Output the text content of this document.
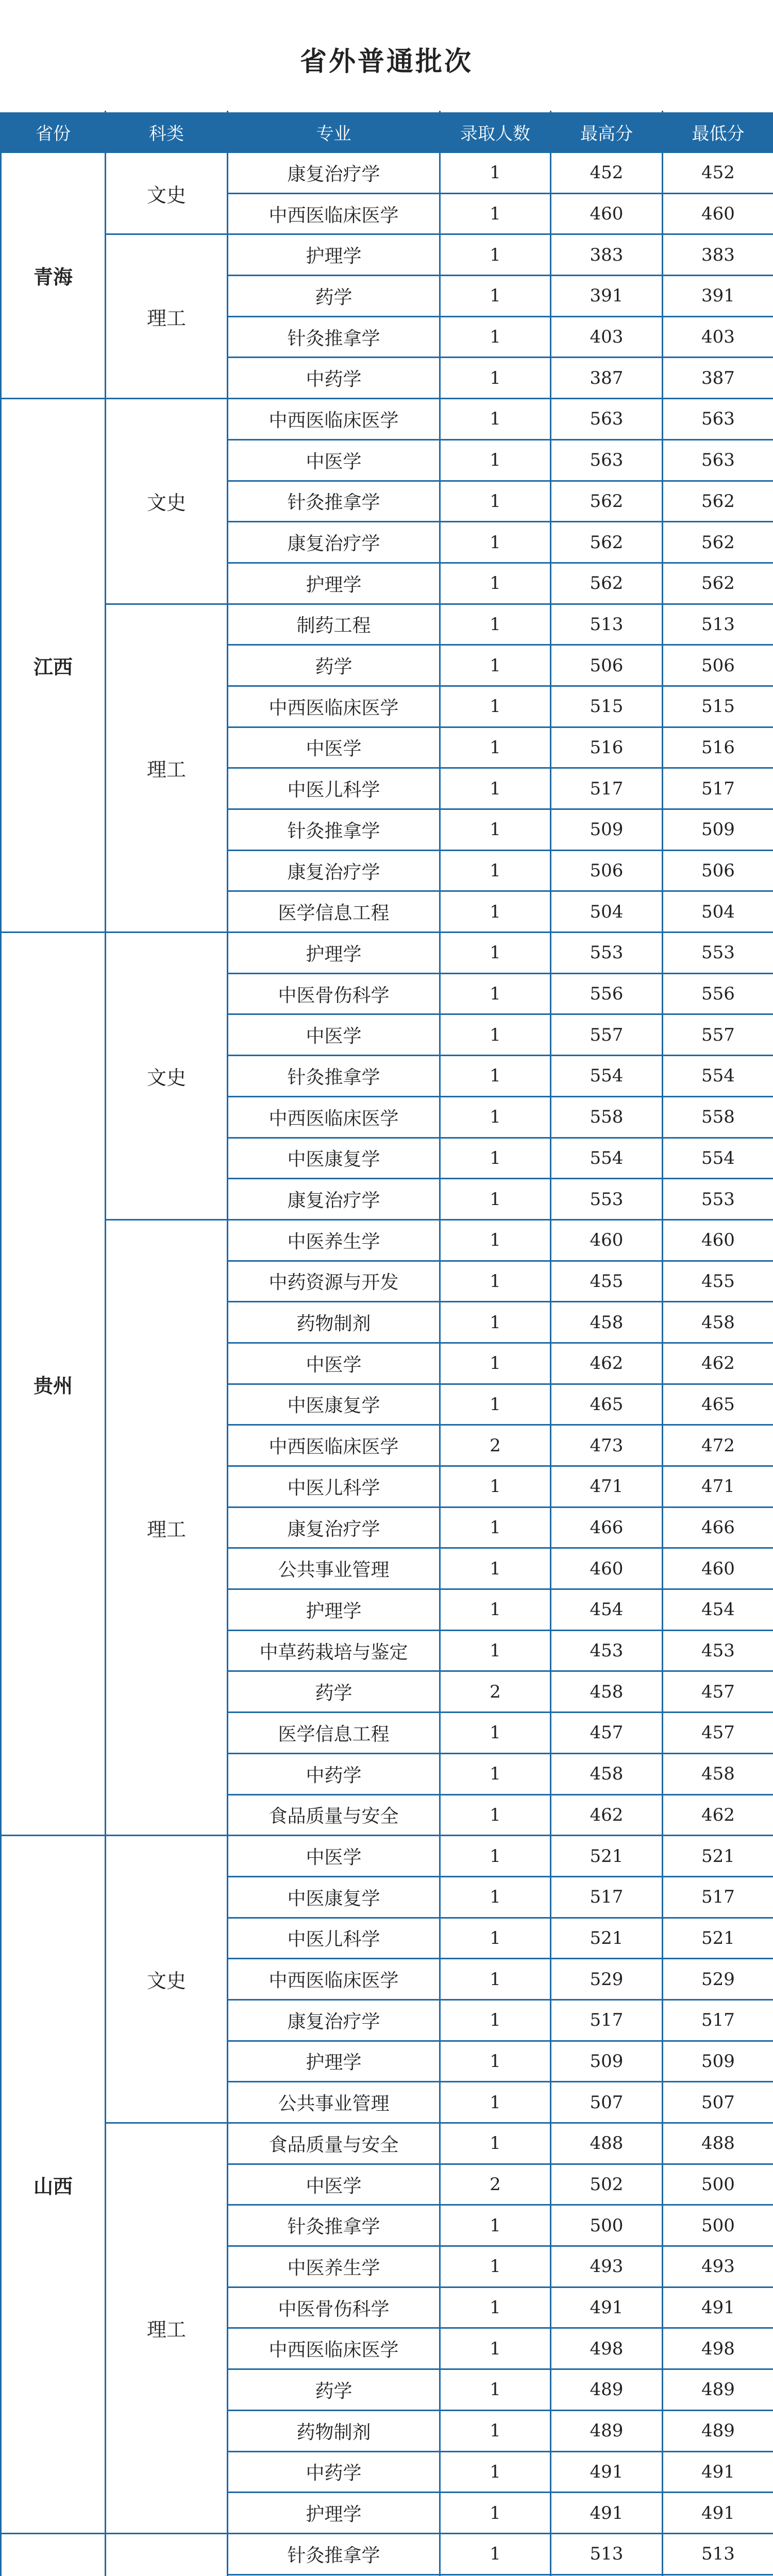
省外普通批次
省份	科类	专业	录取人数	最高分	最低分
青海	文史	康复治疗学	1	452	452
		中西医临床医学	1	460	460
	理工	护理学	1	383	383
		药学	1	391	391
		针灸推拿学	1	403	403
		中药学	1	387	387
江西	文史	中西医临床医学	1	563	563
		中医学	1	563	563
		针灸推拿学	1	562	562
		康复治疗学	1	562	562
		护理学	1	562	562
	理工	制药工程	1	513	513
		药学	1	506	506
		中西医临床医学	1	515	515
		中医学	1	516	516
		中医儿科学	1	517	517
		针灸推拿学	1	509	509
		康复治疗学	1	506	506
		医学信息工程	1	504	504
贵州	文史	护理学	1	553	553
		中医骨伤科学	1	556	556
		中医学	1	557	557
		针灸推拿学	1	554	554
		中西医临床医学	1	558	558
		中医康复学	1	554	554
		康复治疗学	1	553	553
	理工	中医养生学	1	460	460
		中药资源与开发	1	455	455
		药物制剂	1	458	458
		中医学	1	462	462
		中医康复学	1	465	465
		中西医临床医学	2	473	472
		中医儿科学	1	471	471
		康复治疗学	1	466	466
		公共事业管理	1	460	460
		护理学	1	454	454
		中草药栽培与鉴定	1	453	453
		药学	2	458	457
		医学信息工程	1	457	457
		中药学	1	458	458
		食品质量与安全	1	462	462
山西	文史	中医学	1	521	521
		中医康复学	1	517	517
		中医儿科学	1	521	521
		中西医临床医学	1	529	529
		康复治疗学	1	517	517
		护理学	1	509	509
		公共事业管理	1	507	507
	理工	食品质量与安全	1	488	488
		中医学	2	502	500
		针灸推拿学	1	500	500
		中医养生学	1	493	493
		中医骨伤科学	1	491	491
		中西医临床医学	1	498	498
		药学	1	489	489
		药物制剂	1	489	489
		中药学	1	491	491
		护理学	1	491	491
		针灸推拿学	1	513	513
